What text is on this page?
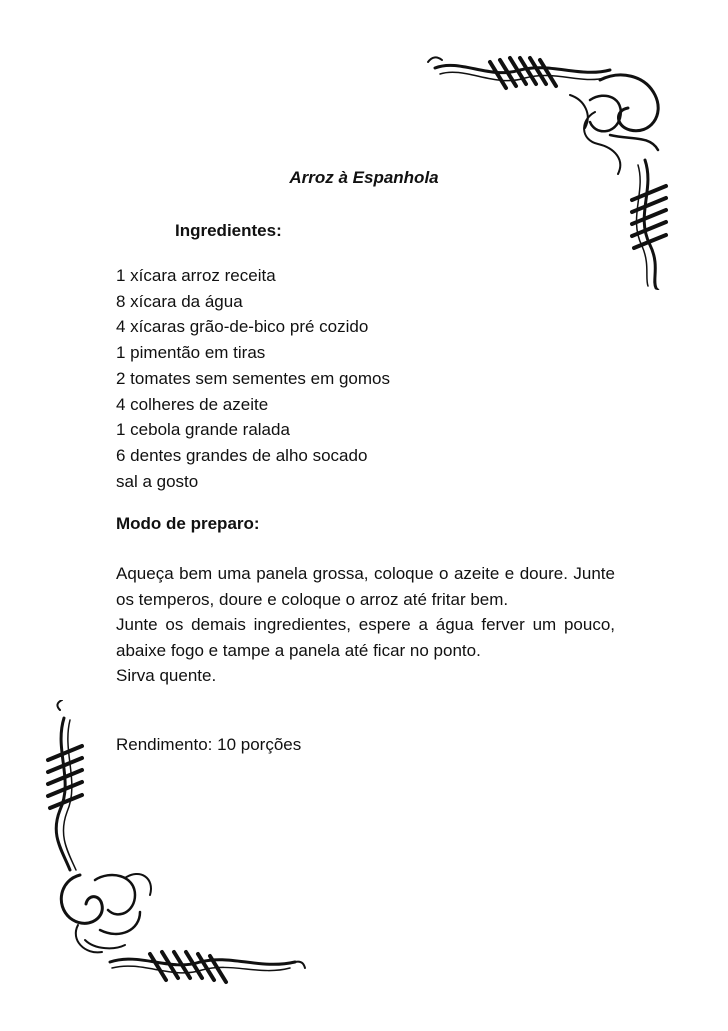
Arroz à Espanhola
Ingredientes:
1 xícara arroz receita
8 xícara da água
4 xícaras grão-de-bico pré cozido
1 pimentão em tiras
2 tomates sem sementes em gomos
4 colheres de azeite
1 cebola grande ralada
6 dentes grandes de alho socado
sal a gosto
Modo de preparo:

Aqueça bem uma panela grossa, coloque o azeite e doure. Junte os temperos, doure e coloque o arroz até fritar bem.

Junte os demais ingredientes, espere a água ferver um pouco, abaixe fogo e tampe a panela até ficar no ponto.

Sirva quente.

Rendimento: 10 porções
